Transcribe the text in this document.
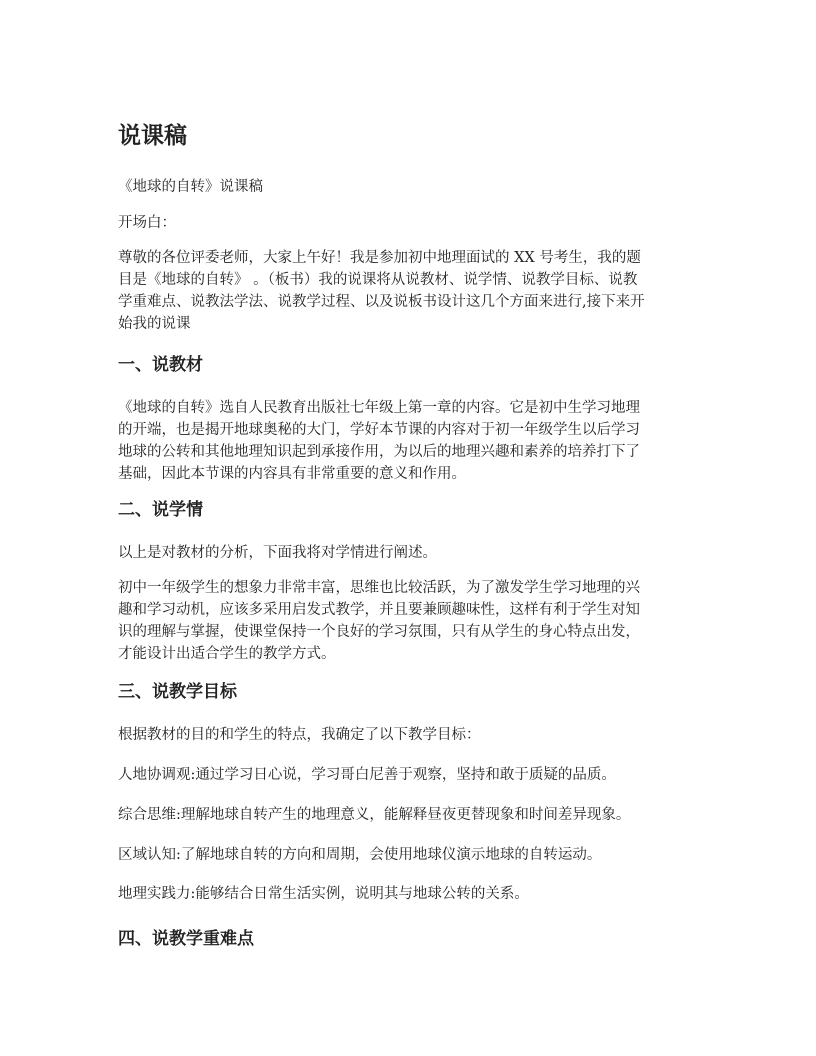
说课稿

《地球的自转》说课稿

开场白：

尊敬的各位评委老师，大家上午好！我是参加初中地理面试的 XX 号考生，我的题
目是《地球的自转》 。（板书）我的说课将从说教材、说学情、说教学目标、说教
学重难点、说教法学法、说教学过程、以及说板书设计这几个方面来进行,接下来开
始我的说课

一、说教材

《地球的自转》选自人民教育出版社七年级上第一章的内容。它是初中生学习地理
的开端，也是揭开地球奥秘的大门，学好本节课的内容对于初一年级学生以后学习
地球的公转和其他地理知识起到承接作用，为以后的地理兴趣和素养的培养打下了
基础，因此本节课的内容具有非常重要的意义和作用。

二、说学情

以上是对教材的分析，下面我将对学情进行阐述。

初中一年级学生的想象力非常丰富，思维也比较活跃，为了激发学生学习地理的兴
趣和学习动机，应该多采用启发式教学，并且要兼顾趣味性，这样有利于学生对知
识的理解与掌握，使课堂保持一个良好的学习氛围，只有从学生的身心特点出发，
才能设计出适合学生的教学方式。

三、说教学目标

根据教材的目的和学生的特点，我确定了以下教学目标：

人地协调观:通过学习日心说，学习哥白尼善于观察，坚持和敢于质疑的品质。

综合思维:理解地球自转产生的地理意义，能解释昼夜更替现象和时间差异现象。

区域认知:了解地球自转的方向和周期，会使用地球仪演示地球的自转运动。

地理实践力:能够结合日常生活实例，说明其与地球公转的关系。

四、说教学重难点
